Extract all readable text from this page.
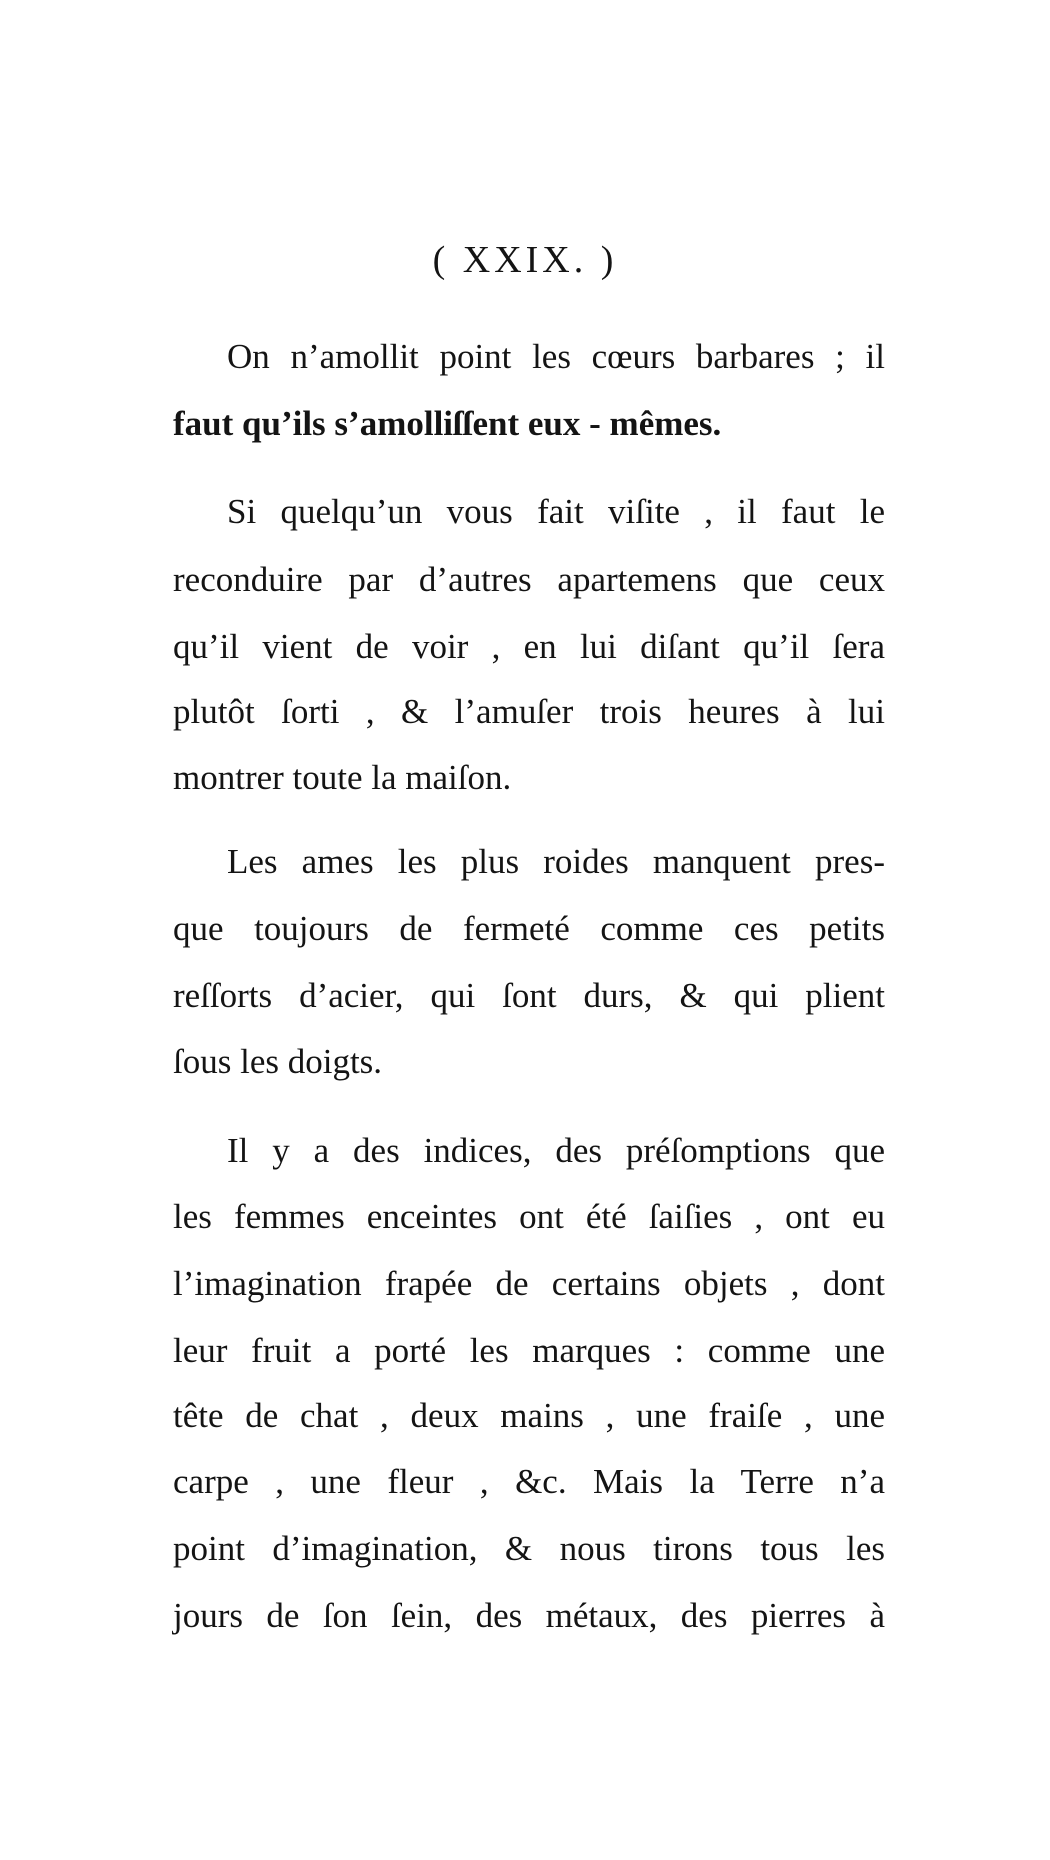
( XXIX. )
On n’amollit point les cœurs barbares ; il
faut qu’ils s’amolliſſent eux - mêmes.
Si quelqu’un vous fait viſite , il faut le
reconduire par d’autres apartemens que ceux
qu’il vient de voir , en lui diſant qu’il ſera
plutôt ſorti , & l’amuſer trois heures à lui
montrer toute la maiſon.
Les ames les plus roides manquent pres-
que toujours de fermeté comme ces petits
reſſorts d’acier, qui ſont durs, & qui plient
ſous les doigts.
Il y a des indices, des préſomptions que
les femmes enceintes ont été ſaiſies , ont eu
l’imagination frapée de certains objets , dont
leur fruit a porté les marques : comme une
tête de chat , deux mains , une fraiſe , une
carpe , une fleur , &c. Mais la Terre n’a
point d’imagination, & nous tirons tous les
jours de ſon ſein, des métaux, des pierres à
